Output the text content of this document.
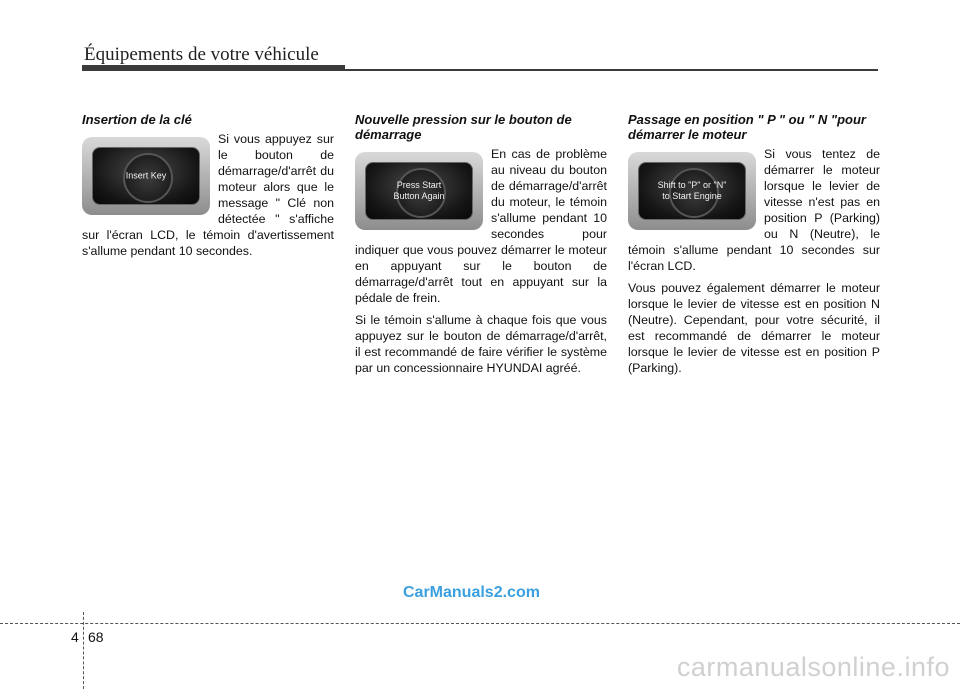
Équipements de votre véhicule
Insertion de la clé
Insert Key

Si vous appuyez sur le bouton de démarrage/d'arrêt du moteur alors que le message " Clé non détectée " s'affiche sur l'écran LCD, le témoin d'avertissement s'allume pendant 10 secondes.

Nouvelle pression sur le bouton de démarrage
Press Start
Button Again

En cas de problème au niveau du bouton de démarrage/d'arrêt du moteur, le témoin s'allume pendant 10 secondes pour indiquer que vous pouvez démarrer le moteur en appuyant sur le bouton de démarrage/d'arrêt tout en appuyant sur la pédale de frein.

Si le témoin s'allume à chaque fois que vous appuyez sur le bouton de démarrage/d'arrêt, il est recommandé de faire vérifier le système par un concessionnaire HYUNDAI agréé.

Passage en position " P " ou " N "pour démarrer le moteur
Shift to "P" or "N"
to Start Engine

Si vous tentez de démarrer le moteur lorsque le levier de vitesse n'est pas en position P (Parking) ou N (Neutre), le témoin s'allume pendant 10 secondes sur l'écran LCD.

Vous pouvez également démarrer le moteur lorsque le levier de vitesse est en position N (Neutre). Cependant, pour votre sécurité, il est recommandé de démarrer le moteur lorsque le levier de vitesse est en position P (Parking).

CarManuals2.com
4 68
carmanualsonline.info
